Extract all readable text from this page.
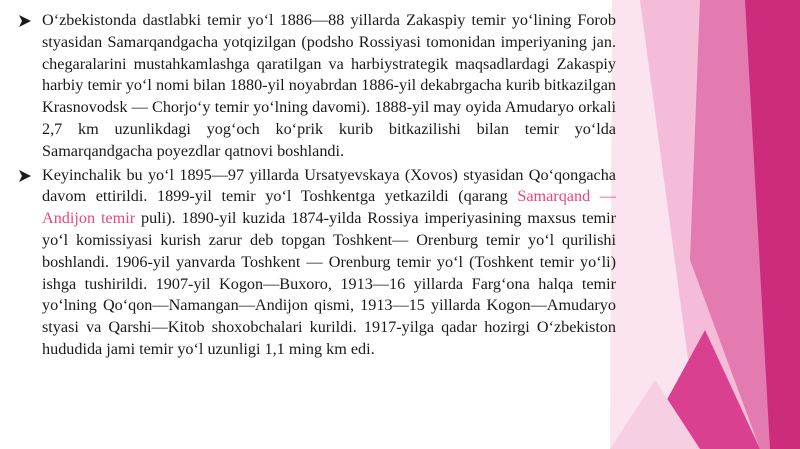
O‘zbekistonda dastlabki temir yo‘l 1886—88 yillarda Zakaspiy temir yo‘lining Forob styasidan Samarqandgacha yotqizilgan (podsho Rossiyasi tomonidan imperiyaning jan. chegaralarini mustahkamlashga qaratilgan va harbiystrategik maqsadlardagi Zakaspiy harbiy temir yo‘l nomi bilan 1880-yil noyabrdan 1886-yil dekabrgacha kurib bitkazilgan Krasnovodsk — Chorjo‘y temir yo‘lning davomi). 1888-yil may oyida Amudaryo orkali 2,7 km uzunlikdagi yog‘och ko‘prik kurib bitkazilishi bilan temir yo‘lda Samarqandgacha poyezdlar qatnovi boshlandi.

Keyinchalik bu yo‘l 1895—97 yillarda Ursatyevskaya (Xovos) styasidan Qo‘qongacha davom ettirildi. 1899-yil temir yo‘l Toshkentga yetkazildi (qarang Samarqand — Andijon temir puli). 1890-yil kuzida 1874-yilda Rossiya imperiyasining maxsus temir yo‘l komissiyasi kurish zarur deb topgan Toshkent— Orenburg temir yo‘l qurilishi boshlandi. 1906-yil yanvarda Toshkent — Orenburg temir yo‘l (Toshkent temir yo‘li) ishga tushirildi. 1907-yil Kogon—Buxoro, 1913—16 yillarda Farg‘ona halqa temir yo‘lning Qo‘qon—Namangan—Andijon qismi, 1913—15 yillarda Kogon—Amudaryo styasi va Qarshi—Kitob shoxobchalari kurildi. 1917-yilga qadar hozirgi O‘zbekiston hududida jami temir yo‘l uzunligi 1,1 ming km edi.
